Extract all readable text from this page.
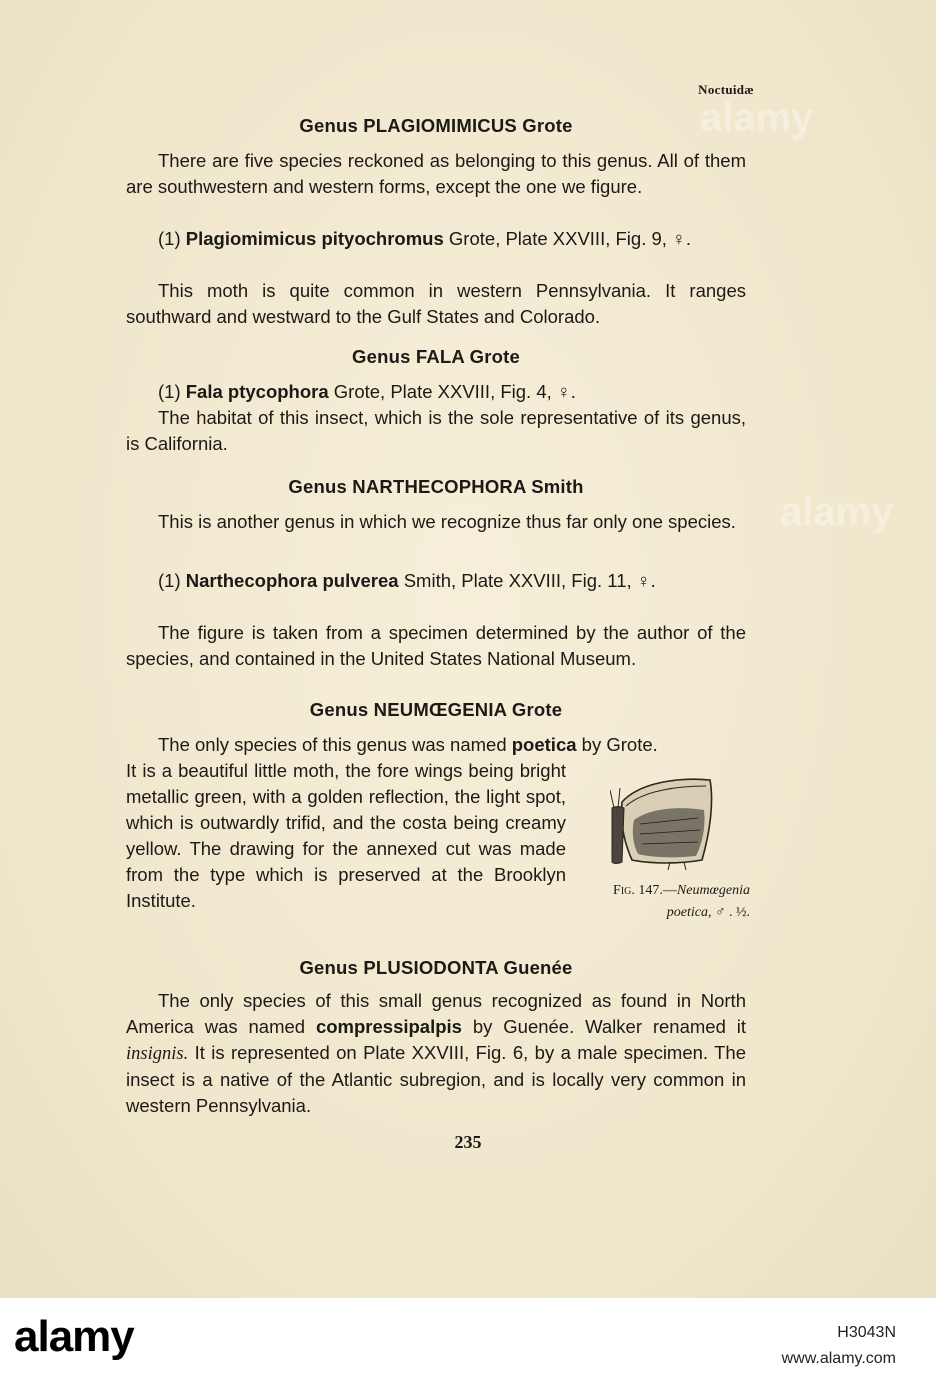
Noctuidæ
Genus PLAGIOMIMICUS Grote
There are five species reckoned as belonging to this genus. All of them are southwestern and western forms, except the one we figure.
(1) Plagiomimicus pityochromus Grote, Plate XXVIII, Fig. 9, ♀.
This moth is quite common in western Pennsylvania. It ranges southward and westward to the Gulf States and Colorado.
Genus FALA Grote
(1) Fala ptycophora Grote, Plate XXVIII, Fig. 4, ♀.
The habitat of this insect, which is the sole representative of its genus, is California.
Genus NARTHECOPHORA Smith
This is another genus in which we recognize thus far only one species.
(1) Narthecophora pulverea Smith, Plate XXVIII, Fig. 11, ♀.
The figure is taken from a specimen determined by the author of the species, and contained in the United States National Museum.
Genus NEUMŒGENIA Grote
The only species of this genus was named poetica by Grote.
It is a beautiful little moth, the fore wings being bright metallic green, with a golden reflection, the light spot, which is outwardly trifid, and the costa being creamy yellow. The drawing for the annexed cut was made from the type which is preserved at the Brooklyn Institute.	Fig. 147.—Neumœgenia poetica, ♂ . ½.
Genus PLUSIODONTA Guenée
The only species of this small genus recognized as found in North America was named compressipalpis by Guenée. Walker renamed it insignis. It is represented on Plate XXVIII, Fig. 6, by a male specimen. The insect is a native of the Atlantic subregion, and is locally very common in western Pennsylvania.
235
alamy
alamy
alamy	H3043N
www.alamy.com
